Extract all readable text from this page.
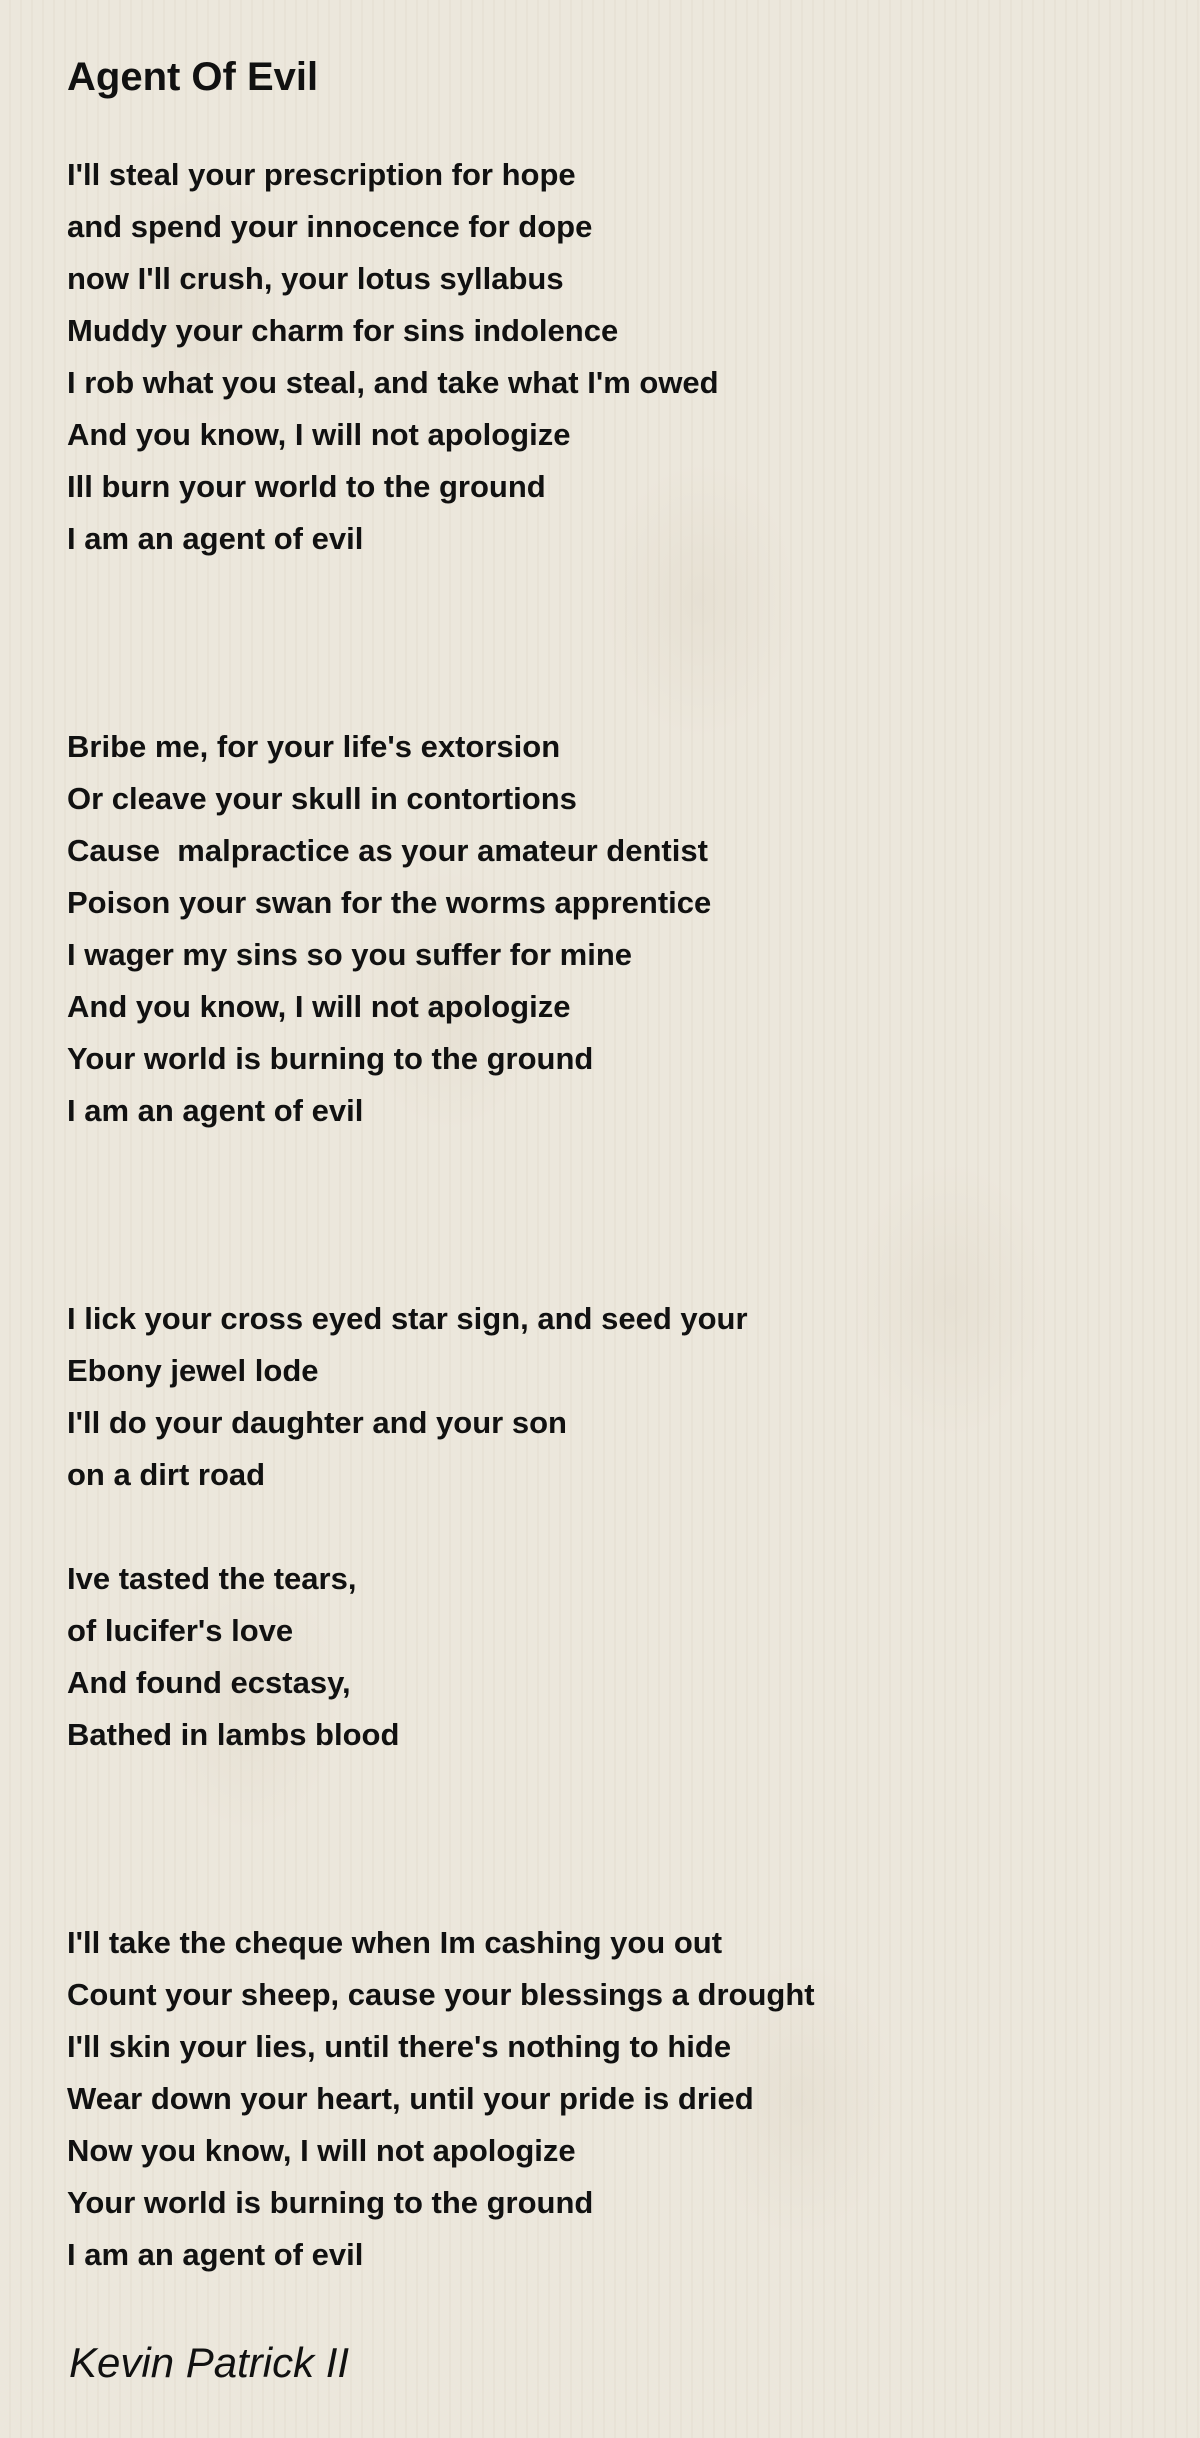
Agent Of Evil
I'll steal your prescription for hope
and spend your innocence for dope
now I'll crush, your lotus syllabus
Muddy your charm for sins indolence
I rob what you steal, and take what I'm owed
And you know, I will not apologize
Ill burn your world to the ground
I am an agent of evil
Bribe me, for your life's extorsion
Or cleave your skull in contortions
Cause  malpractice as your amateur dentist
Poison your swan for the worms apprentice
I wager my sins so you suffer for mine
And you know, I will not apologize
Your world is burning to the ground
I am an agent of evil
I lick your cross eyed star sign, and seed your
Ebony jewel lode
I'll do your daughter and your son
on a dirt road
Ive tasted the tears,
of lucifer's love
And found ecstasy,
Bathed in lambs blood
I'll take the cheque when Im cashing you out
Count your sheep, cause your blessings a drought
I'll skin your lies, until there's nothing to hide
Wear down your heart, until your pride is dried
Now you know, I will not apologize
Your world is burning to the ground
I am an agent of evil
Kevin Patrick II
